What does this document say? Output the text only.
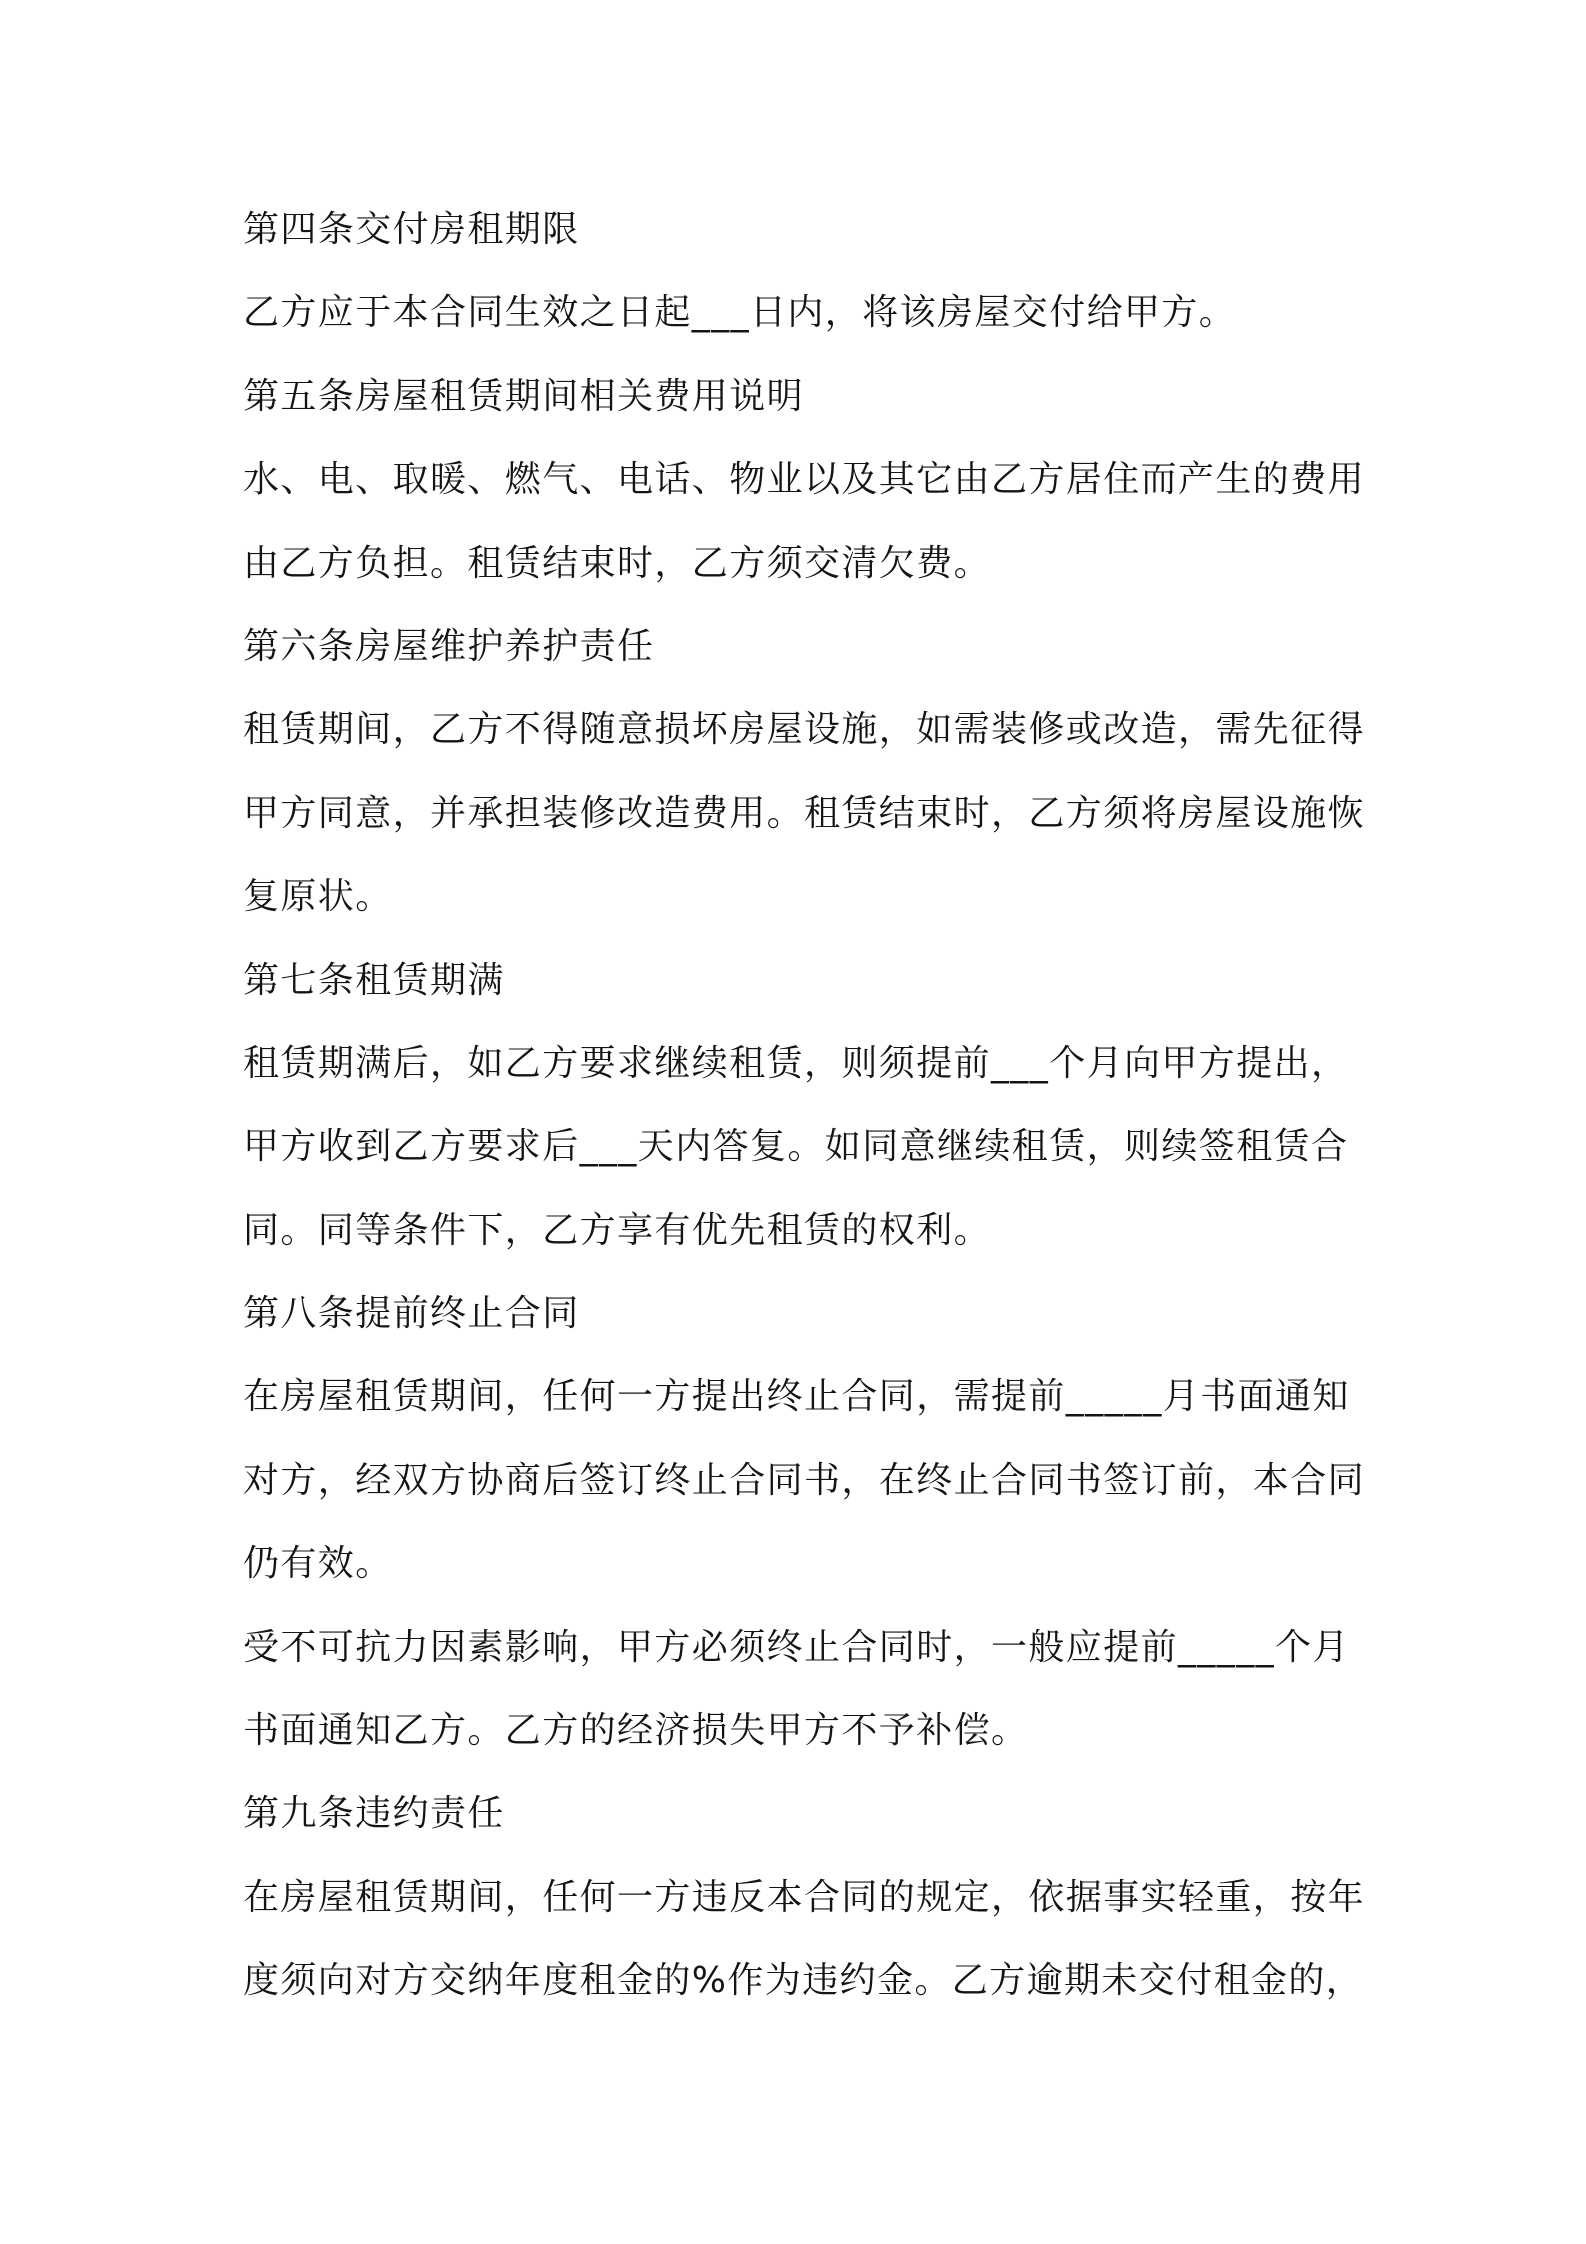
第四条交付房租期限
乙方应于本合同生效之日起___日内，将该房屋交付给甲方。
第五条房屋租赁期间相关费用说明
水、电、取暖、燃气、电话、物业以及其它由乙方居住而产生的费用
由乙方负担。租赁结束时，乙方须交清欠费。
第六条房屋维护养护责任
租赁期间，乙方不得随意损坏房屋设施，如需装修或改造，需先征得
甲方同意，并承担装修改造费用。租赁结束时，乙方须将房屋设施恢
复原状。
第七条租赁期满
租赁期满后，如乙方要求继续租赁，则须提前___个月向甲方提出，
甲方收到乙方要求后___天内答复。如同意继续租赁，则续签租赁合
同。同等条件下，乙方享有优先租赁的权利。
第八条提前终止合同
在房屋租赁期间，任何一方提出终止合同，需提前_____月书面通知
对方，经双方协商后签订终止合同书，在终止合同书签订前，本合同
仍有效。
受不可抗力因素影响，甲方必须终止合同时，一般应提前_____个月
书面通知乙方。乙方的经济损失甲方不予补偿。
第九条违约责任
在房屋租赁期间，任何一方违反本合同的规定，依据事实轻重，按年
度须向对方交纳年度租金的%作为违约金。乙方逾期未交付租金的，
